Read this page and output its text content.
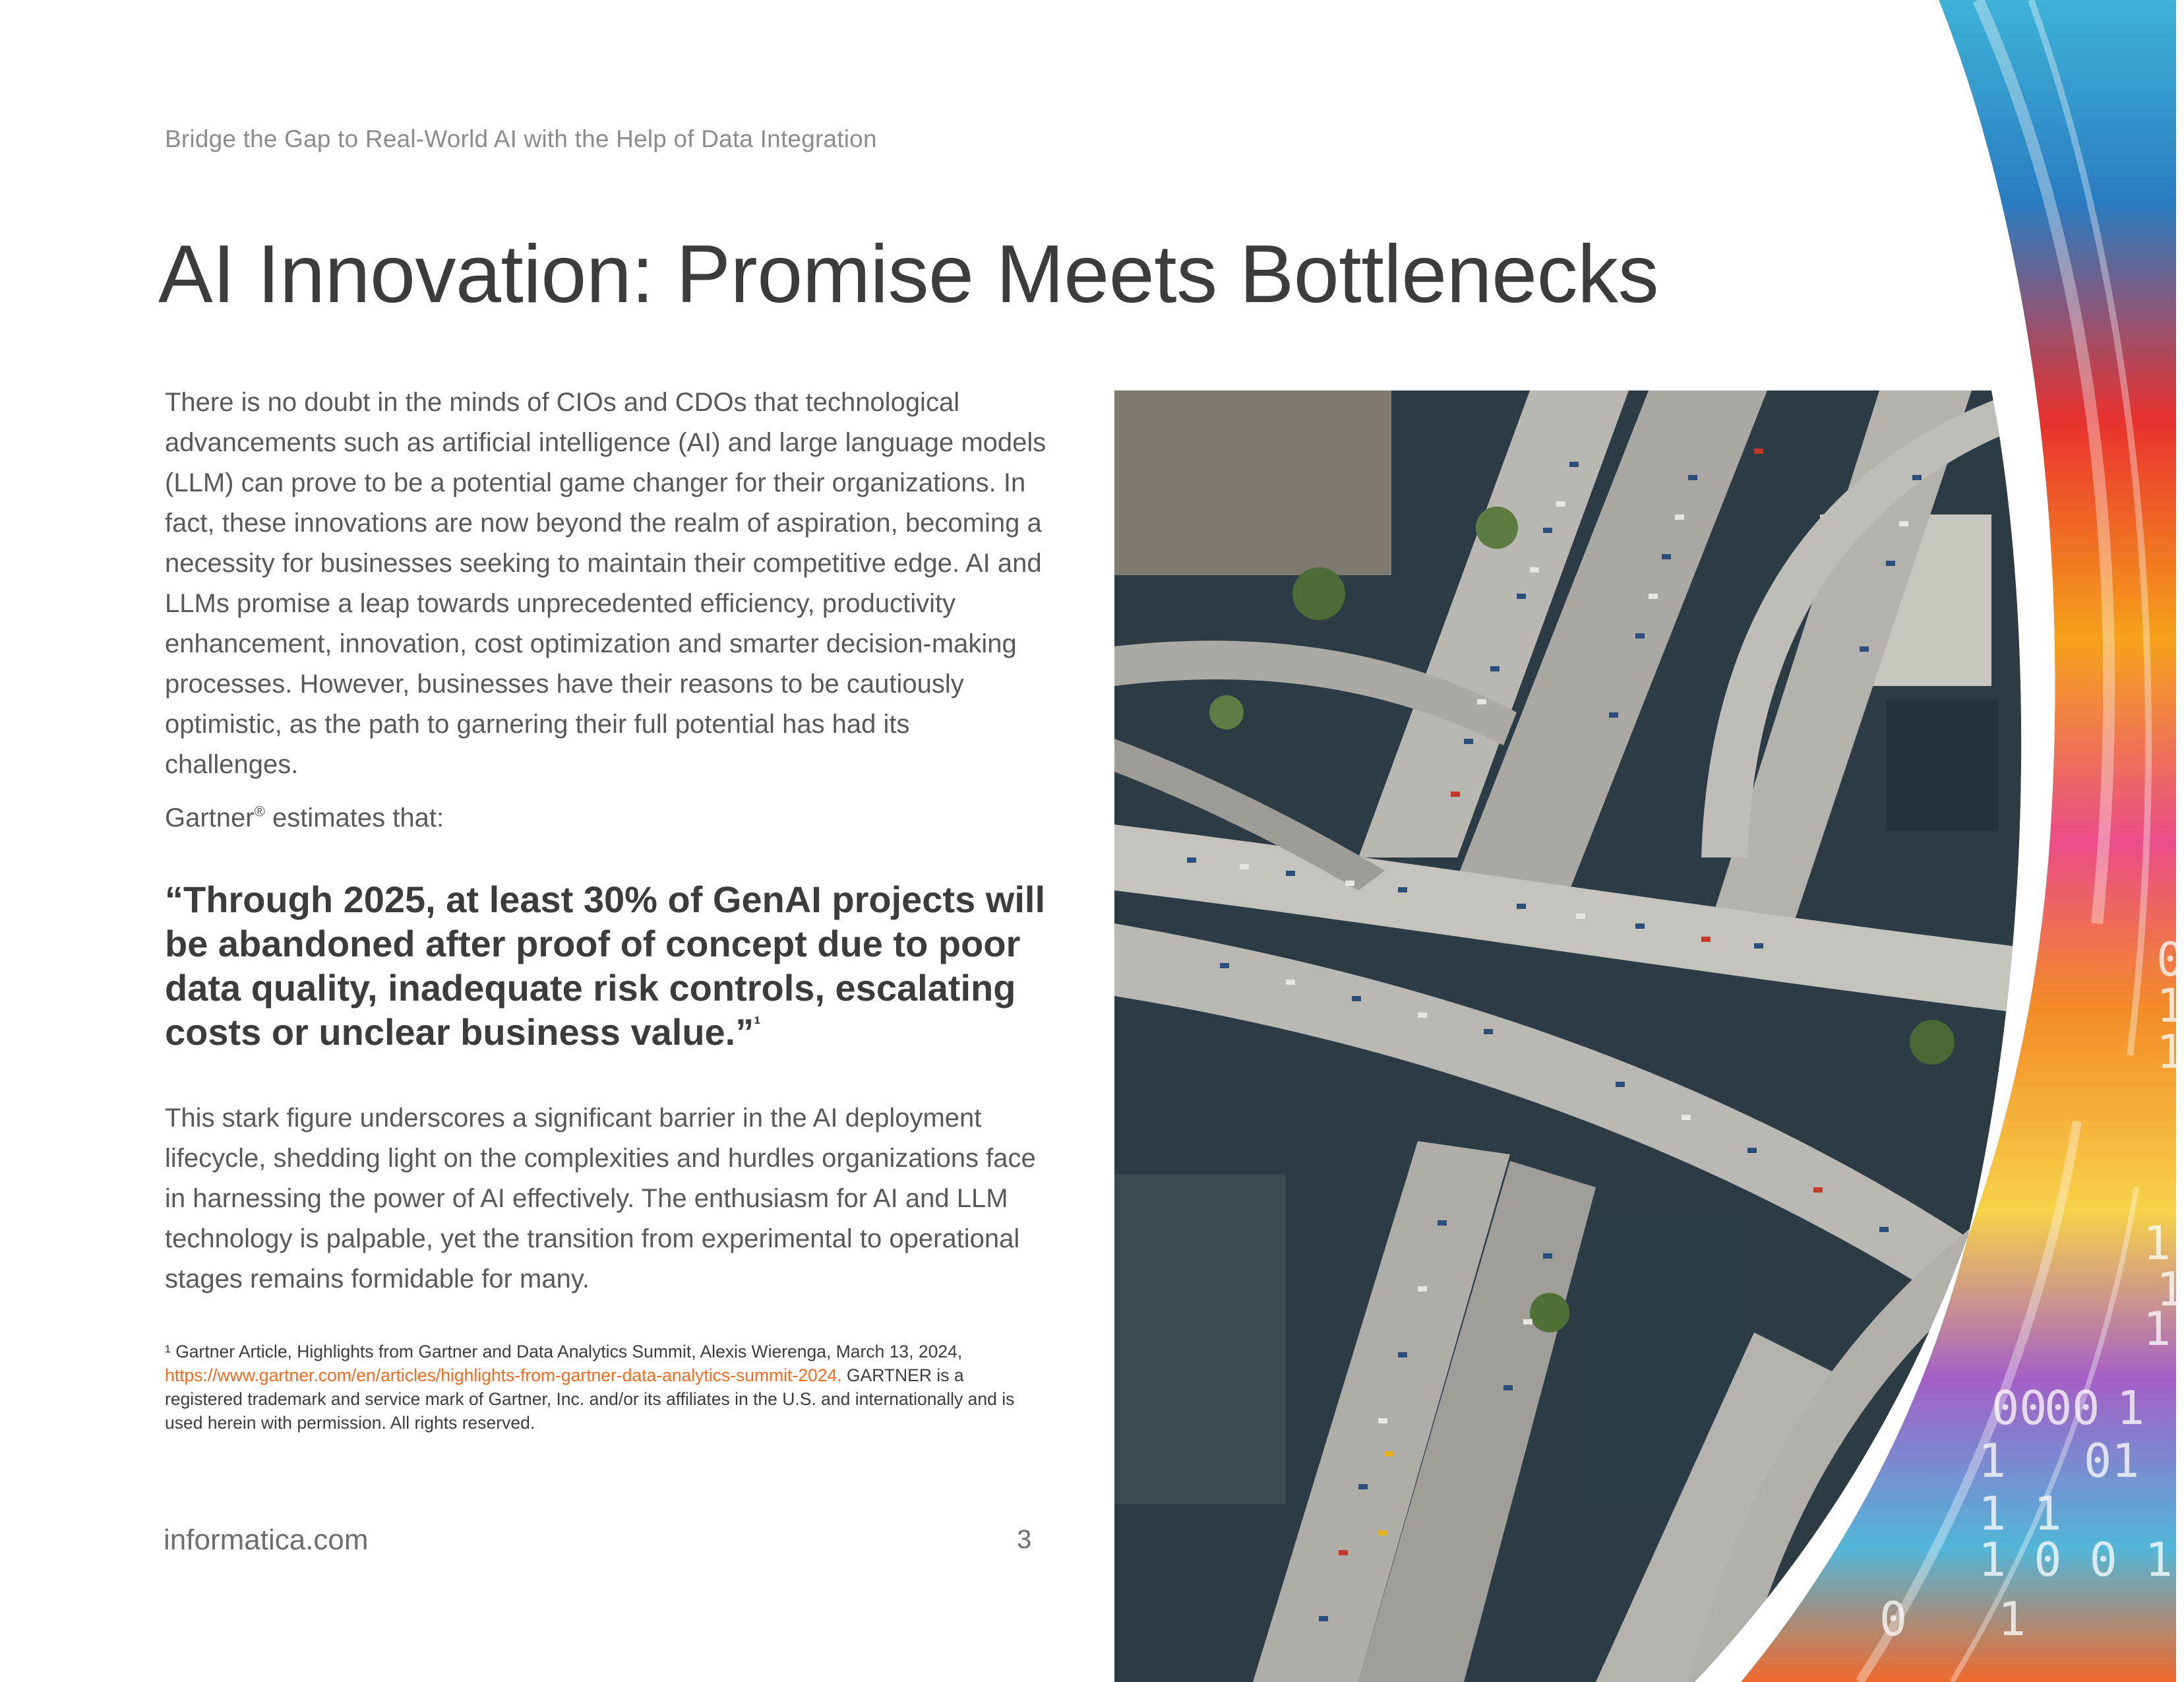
0
1
1
1
1
1
00 1
00
01
1
1 1
1 0 0 1
0 1
Bridge the Gap to Real-World AI with the Help of Data Integration
AI Innovation: Promise Meets Bottlenecks

There is no doubt in the minds of CIOs and CDOs that technological advancements such as artificial intelligence (AI) and large language models (LLM) can prove to be a potential game changer for their organizations. In fact, these innovations are now beyond the realm of aspiration, becoming a necessity for businesses seeking to maintain their competitive edge. AI and LLMs promise a leap towards unprecedented efficiency, productivity enhancement, innovation, cost optimization and smarter decision-making processes. However, businesses have their reasons to be cautiously optimistic, as the path to garnering their full potential has had its challenges.

Gartner® estimates that:

“Through 2025, at least 30% of GenAI projects will be abandoned after proof of concept due to poor data quality, inadequate risk controls, escalating costs or unclear business value.”$^{^1}$

This stark figure underscores a significant barrier in the AI deployment lifecycle, shedding light on the complexities and hurdles organizations face in harnessing the power of AI effectively. The enthusiasm for AI and LLM technology is palpable, yet the transition from experimental to operational stages remains formidable for many.

¹ Gartner Article, Highlights from Gartner and Data Analytics Summit, Alexis Wierenga, March 13, 2024, https://www.gartner.com/en/articles/highlights-from-gartner-data-analytics-summit-2024. GARTNER is a registered trademark and service mark of Gartner, Inc. and/or its affiliates in the U.S. and internationally and is used herein with permission. All rights reserved.

informatica.com	3
